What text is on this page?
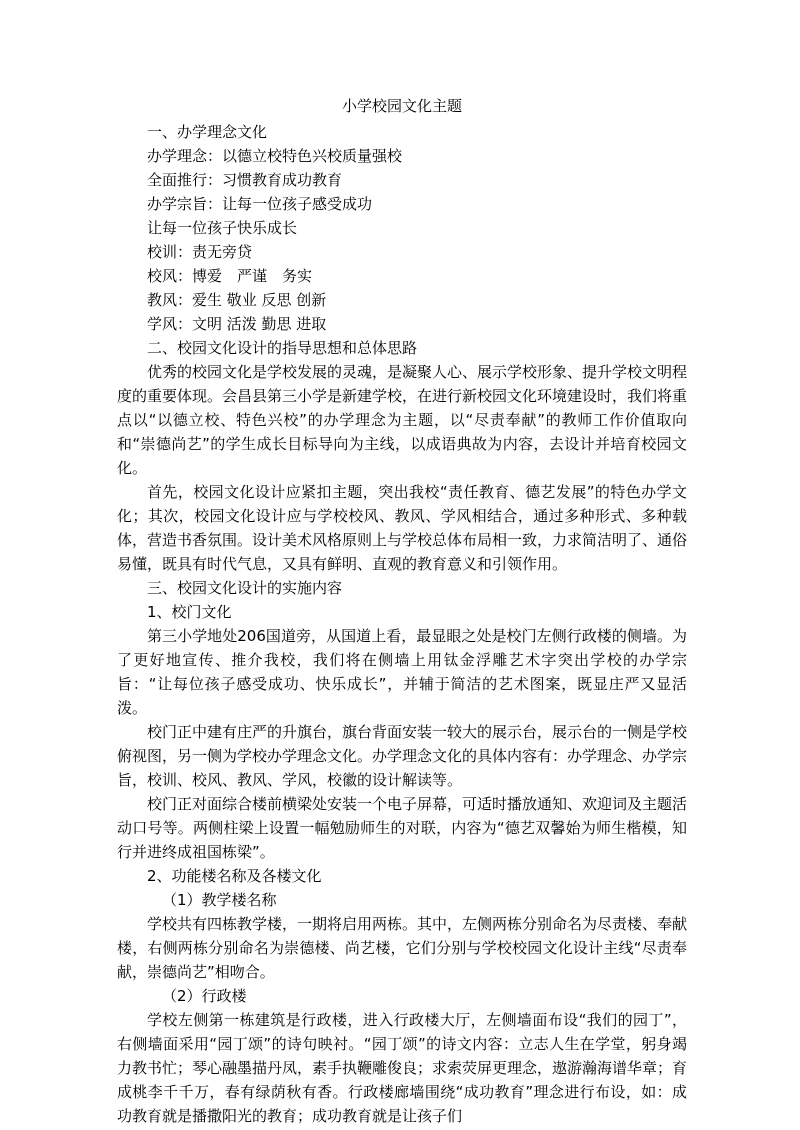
小学校园文化主题
一、办学理念文化
办学理念：以德立校特色兴校质量强校
全面推行：习惯教育成功教育
办学宗旨：让每一位孩子感受成功
让每一位孩子快乐成长
校训：责无旁贷
校风：博爱　严谨　务实
教风：爱生 敬业 反思 创新
学风：文明 活泼 勤思 进取
二、校园文化设计的指导思想和总体思路

优秀的校园文化是学校发展的灵魂，是凝聚人心、展示学校形象、提升学校文明程度的重要体现。会昌县第三小学是新建学校，在进行新校园文化环境建设时，我们将重点以“以德立校、特色兴校”的办学理念为主题，以“尽责奉献”的教师工作价值取向和“崇德尚艺”的学生成长目标导向为主线，以成语典故为内容，去设计并培育校园文化。

首先，校园文化设计应紧扣主题，突出我校“责任教育、德艺发展”的特色办学文化；其次，校园文化设计应与学校校风、教风、学风相结合，通过多种形式、多种载体，营造书香氛围。设计美术风格原则上与学校总体布局相一致，力求简洁明了、通俗易懂，既具有时代气息，又具有鲜明、直观的教育意义和引领作用。

三、校园文化设计的实施内容
1、校门文化

第三小学地处206国道旁，从国道上看，最显眼之处是校门左侧行政楼的侧墙。为了更好地宣传、推介我校，我们将在侧墙上用钛金浮雕艺术字突出学校的办学宗旨：“让每位孩子感受成功、快乐成长”，并辅于简洁的艺术图案，既显庄严又显活泼。

校门正中建有庄严的升旗台，旗台背面安装一较大的展示台，展示台的一侧是学校俯视图，另一侧为学校办学理念文化。办学理念文化的具体内容有：办学理念、办学宗旨，校训、校风、教风、学风，校徽的设计解读等。

校门正对面综合楼前横梁处安装一个电子屏幕，可适时播放通知、欢迎词及主题活动口号等。两侧柱梁上设置一幅勉励师生的对联，内容为“德艺双馨始为师生楷模，知行并进终成祖国栋梁”。

2、功能楼名称及各楼文化
（1）教学楼名称

学校共有四栋教学楼，一期将启用两栋。其中，左侧两栋分别命名为尽责楼、奉献楼，右侧两栋分别命名为崇德楼、尚艺楼，它们分别与学校校园文化设计主线“尽责奉献，崇德尚艺”相吻合。

（2）行政楼

学校左侧第一栋建筑是行政楼，进入行政楼大厅，左侧墙面布设“我们的园丁”，右侧墙面采用“园丁颂”的诗句映衬。“园丁颂”的诗文内容：立志人生在学堂，躬身竭力教书忙；琴心融墨描丹凤，素手执鞭雕俊良；求索荧屏更理念，遨游瀚海谱华章；育成桃李千千万，春有绿荫秋有香。行政楼廊墙围绕“成功教育”理念进行布设，如：成功教育就是播撒阳光的教育；成功教育就是让孩子们
